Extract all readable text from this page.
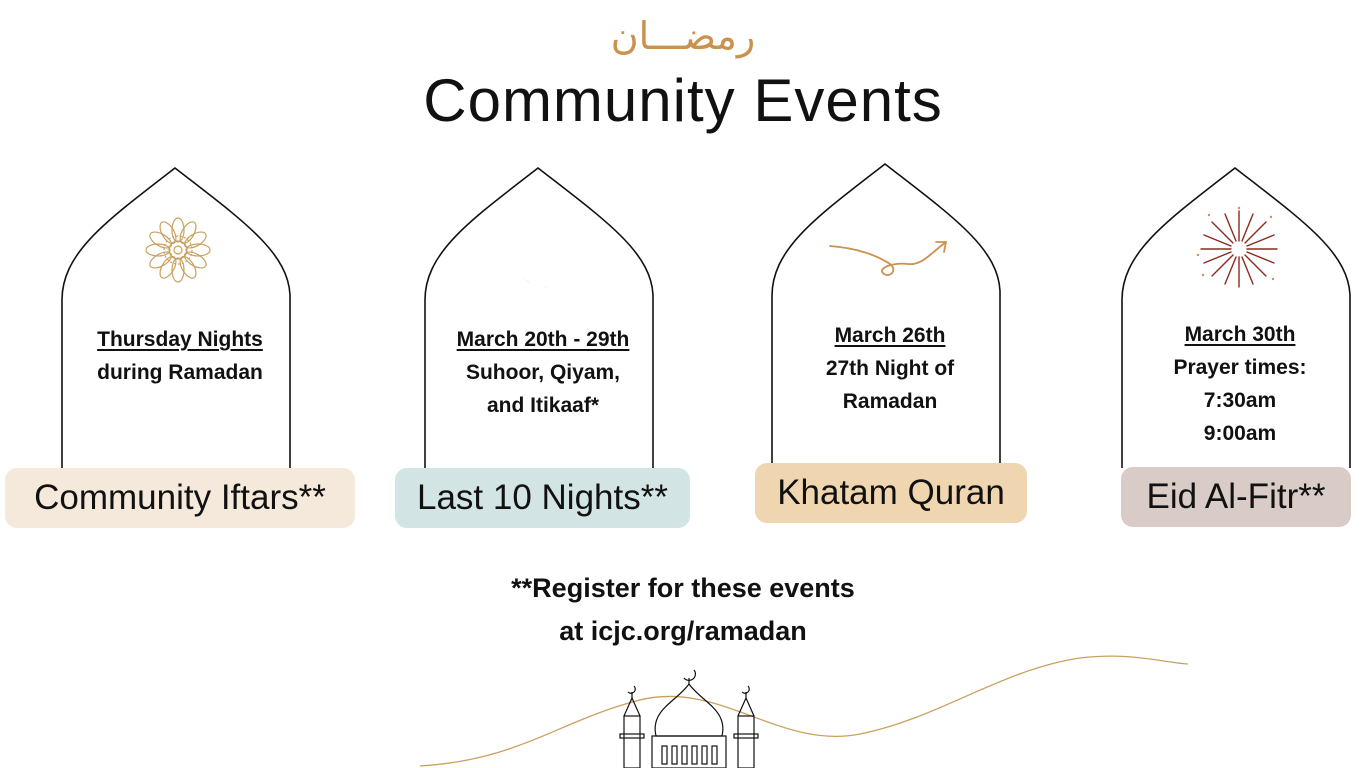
رمضـــان
Community Events
Thursday Nights
during Ramadan
Community Iftars**
March 20th - 29th
Suhoor, Qiyam,
and Itikaaf*
Last 10 Nights**
March 26th
27th Night of
Ramadan
Khatam Quran
March 30th
Prayer times:
7:30am
9:00am
Eid Al-Fitr**
**Register for these events
at icjc.org/ramadan
